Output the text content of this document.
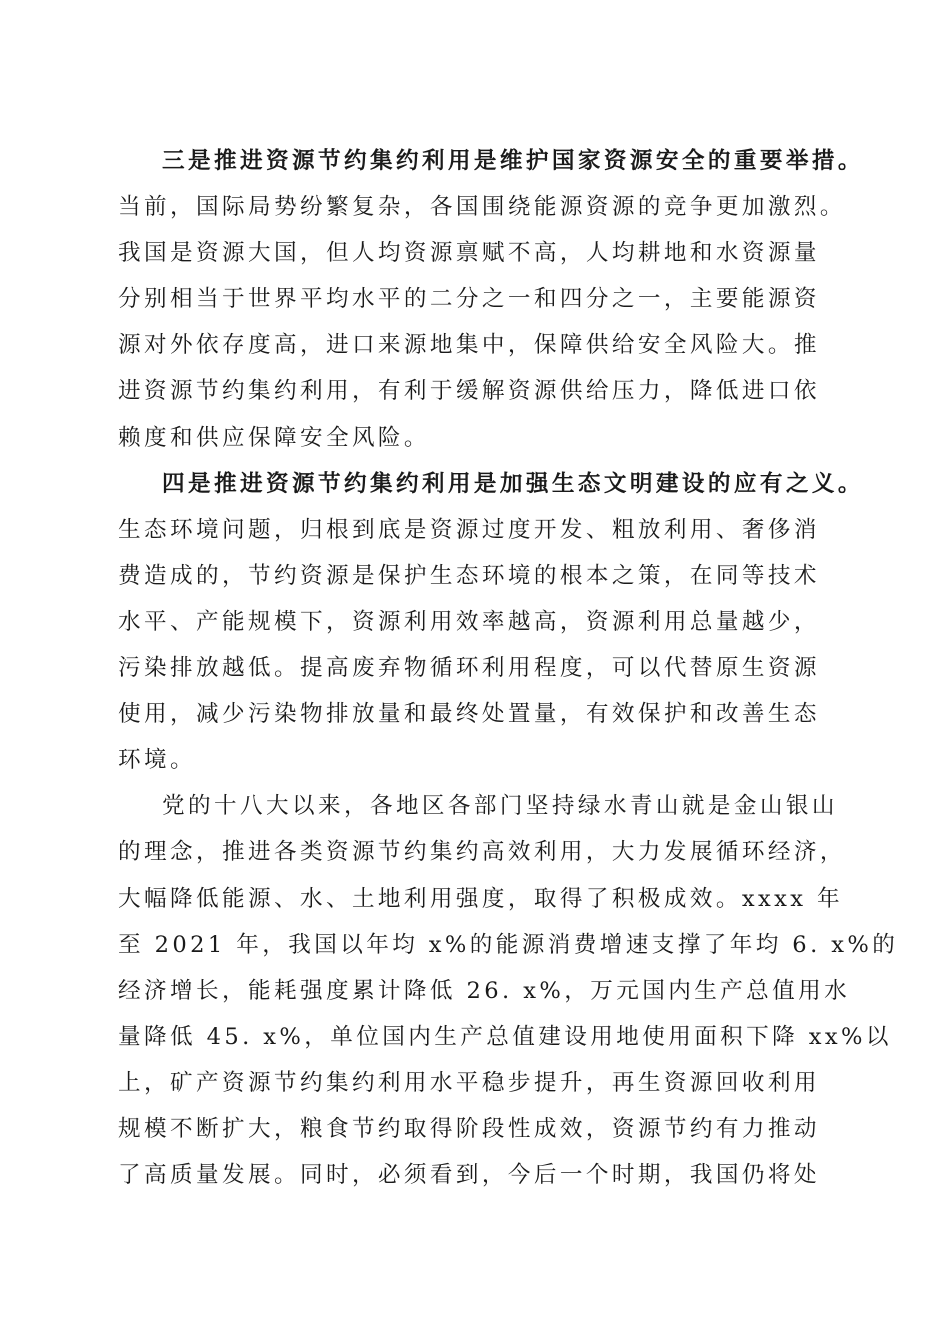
三是推进资源节约集约利用是维护国家资源安全的重要举措。
当前，国际局势纷繁复杂，各国围绕能源资源的竞争更加激烈。
我国是资源大国，但人均资源禀赋不高，人均耕地和水资源量
分别相当于世界平均水平的二分之一和四分之一，主要能源资
源对外依存度高，进口来源地集中，保障供给安全风险大。推
进资源节约集约利用，有利于缓解资源供给压力，降低进口依
赖度和供应保障安全风险。
四是推进资源节约集约利用是加强生态文明建设的应有之义。
生态环境问题，归根到底是资源过度开发、粗放利用、奢侈消
费造成的，节约资源是保护生态环境的根本之策，在同等技术
水平、产能规模下，资源利用效率越高，资源利用总量越少，
污染排放越低。提高废弃物循环利用程度，可以代替原生资源
使用，减少污染物排放量和最终处置量，有效保护和改善生态
环境。
党的十八大以来，各地区各部门坚持绿水青山就是金山银山
的理念，推进各类资源节约集约高效利用，大力发展循环经济，
大幅降低能源、水、土地利用强度，取得了积极成效。xxxx 年
至 2021 年，我国以年均 x%的能源消费增速支撑了年均 6. x%的
经济增长，能耗强度累计降低 26. x%，万元国内生产总值用水
量降低 45. x%，单位国内生产总值建设用地使用面积下降 xx%以
上，矿产资源节约集约利用水平稳步提升，再生资源回收利用
规模不断扩大，粮食节约取得阶段性成效，资源节约有力推动
了高质量发展。同时，必须看到，今后一个时期，我国仍将处
